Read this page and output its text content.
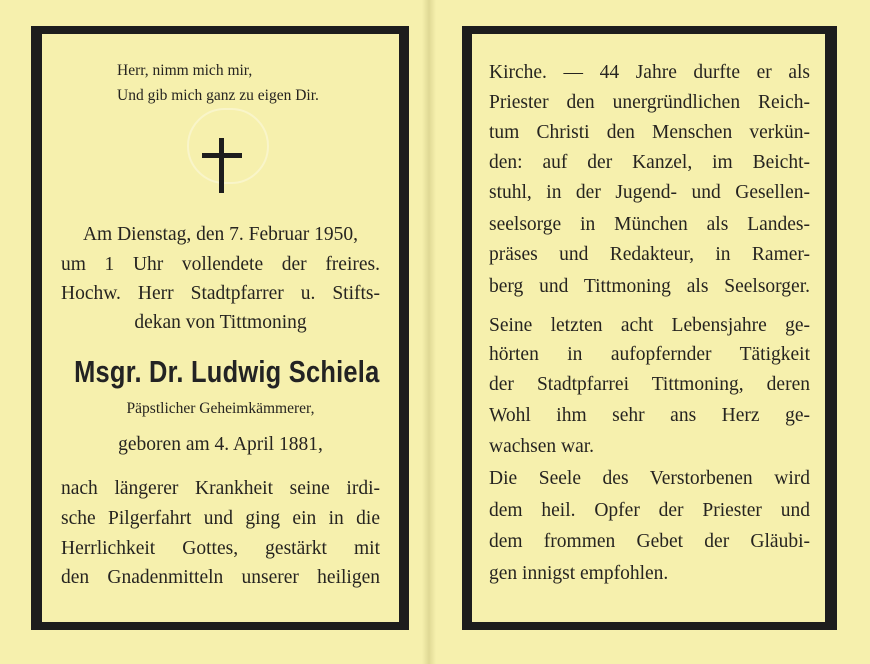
Herr, nimm mich mir,
Und gib mich ganz zu eigen Dir.
Am Dienstag, den 7. Februar 1950,
um 1 Uhr vollendete der freires.
Hochw. Herr Stadtpfarrer u. Stifts-
dekan von Tittmoning
Msgr. Dr. Ludwig Schiela
Päpstlicher Geheimkämmerer,
geboren am 4. April 1881,
nach längerer Krankheit seine irdi-
sche Pilgerfahrt und ging ein in die
Herrlichkeit Gottes, gestärkt mit
den Gnadenmitteln unserer heiligen
Kirche. — 44 Jahre durfte er als
Priester den unergründlichen Reich-
tum Christi den Menschen verkün-
den: auf der Kanzel, im Beicht-
stuhl, in der Jugend- und Gesellen-
seelsorge in München als Landes-
präses und Redakteur, in Ramer-
berg und Tittmoning als Seelsorger.
Seine letzten acht Lebensjahre ge-
hörten in aufopfernder Tätigkeit
der Stadtpfarrei Tittmoning, deren
Wohl ihm sehr ans Herz ge-
wachsen war.
Die Seele des Verstorbenen wird
dem heil. Opfer der Priester und
dem frommen Gebet der Gläubi-
gen innigst empfohlen.
